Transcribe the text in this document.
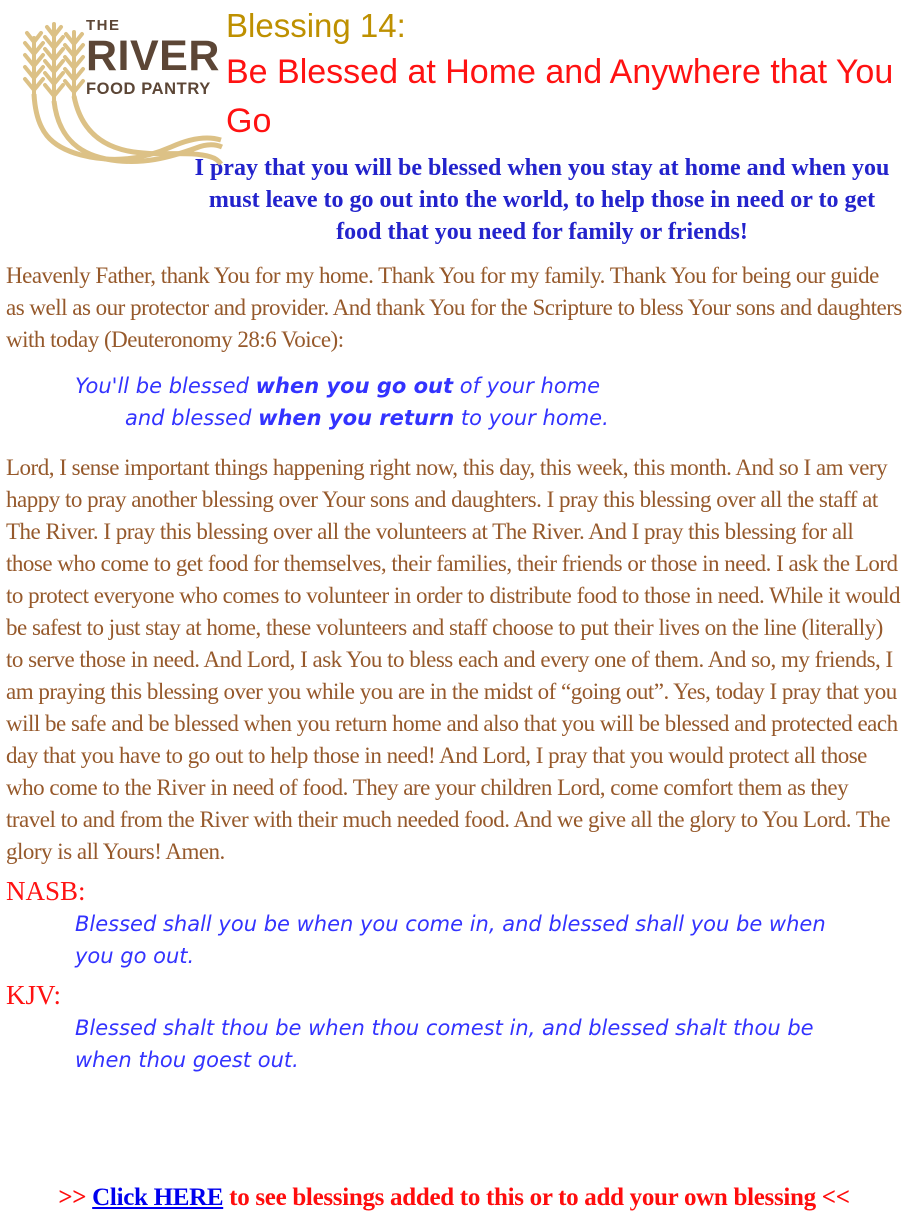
THE
RIVER
FOOD PANTRY
Blessing 14:
Be Blessed at Home and Anywhere that You Go
I pray that you will be blessed when you stay at home and when you must leave to go out into the world, to help those in need or to get food that you need for family or friends!
Heavenly Father, thank You for my home. Thank You for my family. Thank You for being our guide as well as our protector and provider. And thank You for the Scripture to bless Your sons and daughters with today (Deuteronomy 28:6 Voice):
You'll be blessed when you go out of your home
and blessed when you return to your home.
Lord, I sense important things happening right now, this day, this week, this month. And so I am very happy to pray another blessing over Your sons and daughters. I pray this blessing over all the staff at The River. I pray this blessing over all the volunteers at The River. And I pray this blessing for all those who come to get food for themselves, their families, their friends or those in need. I ask the Lord to protect everyone who comes to volunteer in order to distribute food to those in need. While it would be safest to just stay at home, these volunteers and staff choose to put their lives on the line (literally) to serve those in need. And Lord, I ask You to bless each and every one of them. And so, my friends, I am praying this blessing over you while you are in the midst of “going out”. Yes, today I pray that you will be safe and be blessed when you return home and also that you will be blessed and protected each day that you have to go out to help those in need! And Lord, I pray that you would protect all those who come to the River in need of food. They are your children Lord, come comfort them as they travel to and from the River with their much needed food. And we give all the glory to You Lord. The glory is all Yours! Amen.
NASB:
Blessed shall you be when you come in, and blessed shall you be when you go out.
KJV:
Blessed shalt thou be when thou comest in, and blessed shalt thou be when thou goest out.
>> Click HERE to see blessings added to this or to add your own blessing <<
